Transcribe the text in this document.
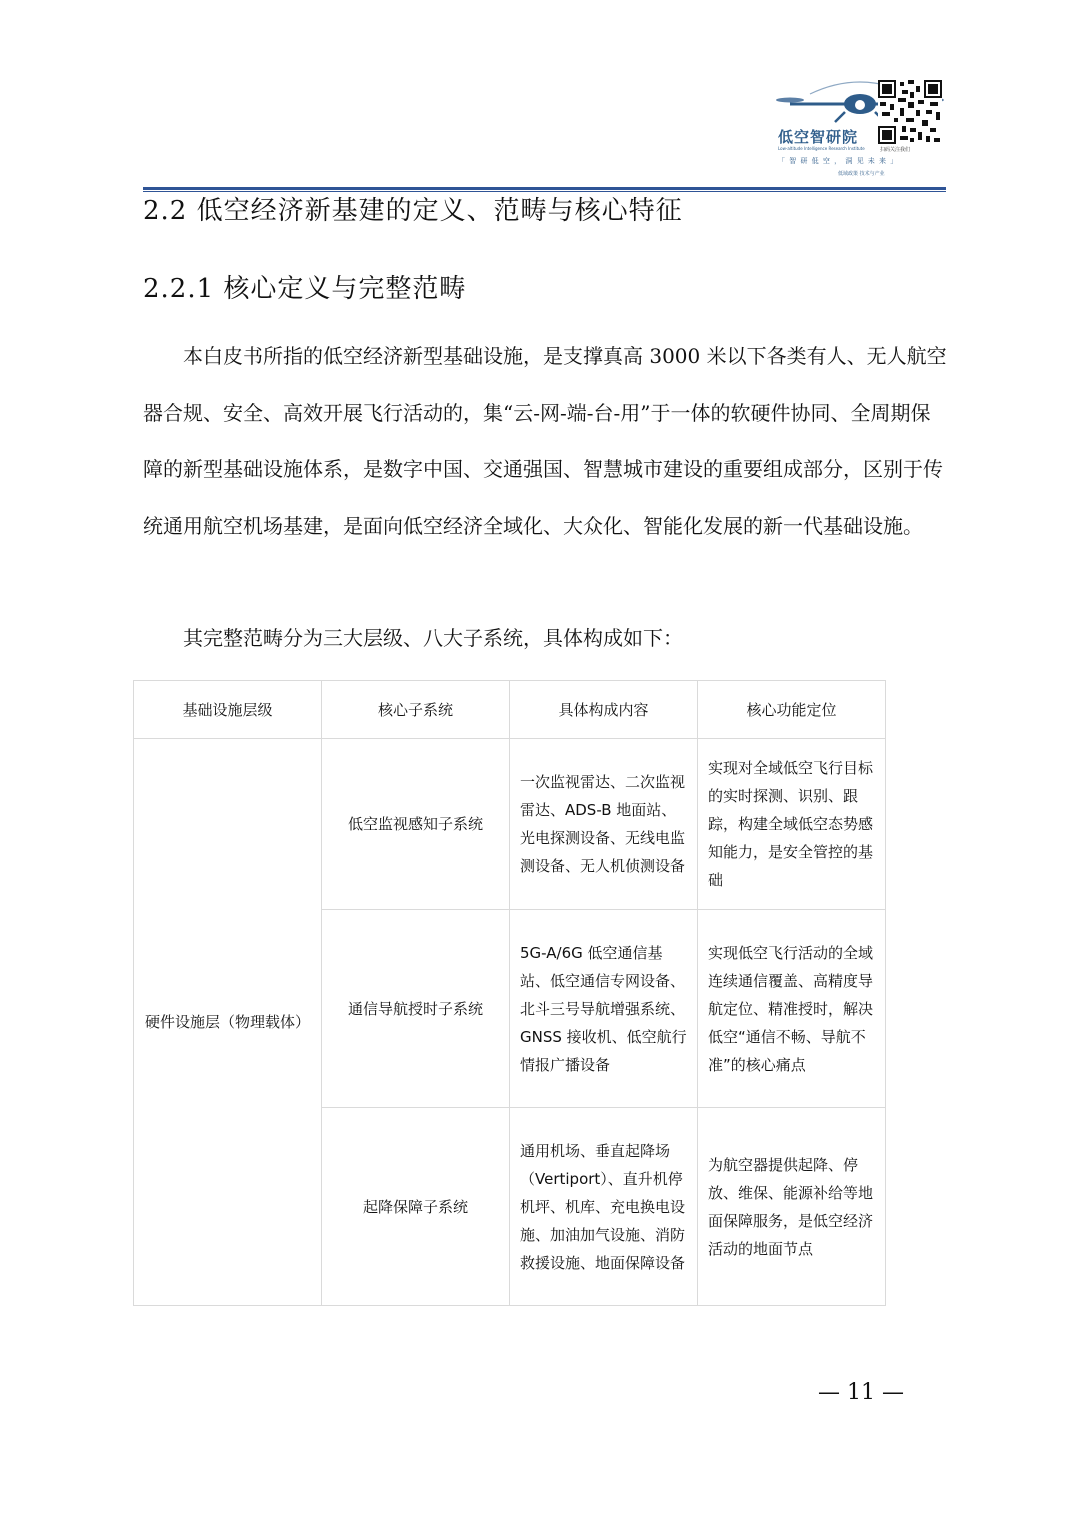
低空智研院
Low-altitude Intelligence Research Institute
「 智 研 低 空 ， 洞 见 未 来 」
低域政策 技术与产业
扫码关注我们
2.2 低空经济新基建的定义、范畴与核心特征
2.2.1 核心定义与完整范畴
本白皮书所指的低空经济新型基础设施，是支撑真高 3000 米以下各类有人、无人航空器合规、安全、高效开展飞行活动的，集“云-网-端-台-用”于一体的软硬件协同、全周期保障的新型基础设施体系，是数字中国、交通强国、智慧城市建设的重要组成部分，区别于传统通用航空机场基建，是面向低空经济全域化、大众化、智能化发展的新一代基础设施。
其完整范畴分为三大层级、八大子系统，具体构成如下：
基础设施层级	核心子系统	具体构成内容	核心功能定位
硬件设施层（物理载体）	低空监视感知子系统	一次监视雷达、二次监视雷达、ADS-B 地面站、光电探测设备、无线电监测设备、无人机侦测设备	实现对全域低空飞行目标的实时探测、识别、跟踪，构建全域低空态势感知能力，是安全管控的基础
	通信导航授时子系统	5G-A/6G 低空通信基站、低空通信专网设备、北斗三号导航增强系统、GNSS 接收机、低空航行情报广播设备	实现低空飞行活动的全域连续通信覆盖、高精度导航定位、精准授时，解决低空“通信不畅、导航不准”的核心痛点
	起降保障子系统	通用机场、垂直起降场（Vertiport）、直升机停机坪、机库、充电换电设施、加油加气设施、消防救援设施、地面保障设备	为航空器提供起降、停放、维保、能源补给等地面保障服务，是低空经济活动的地面节点
— 11 —
